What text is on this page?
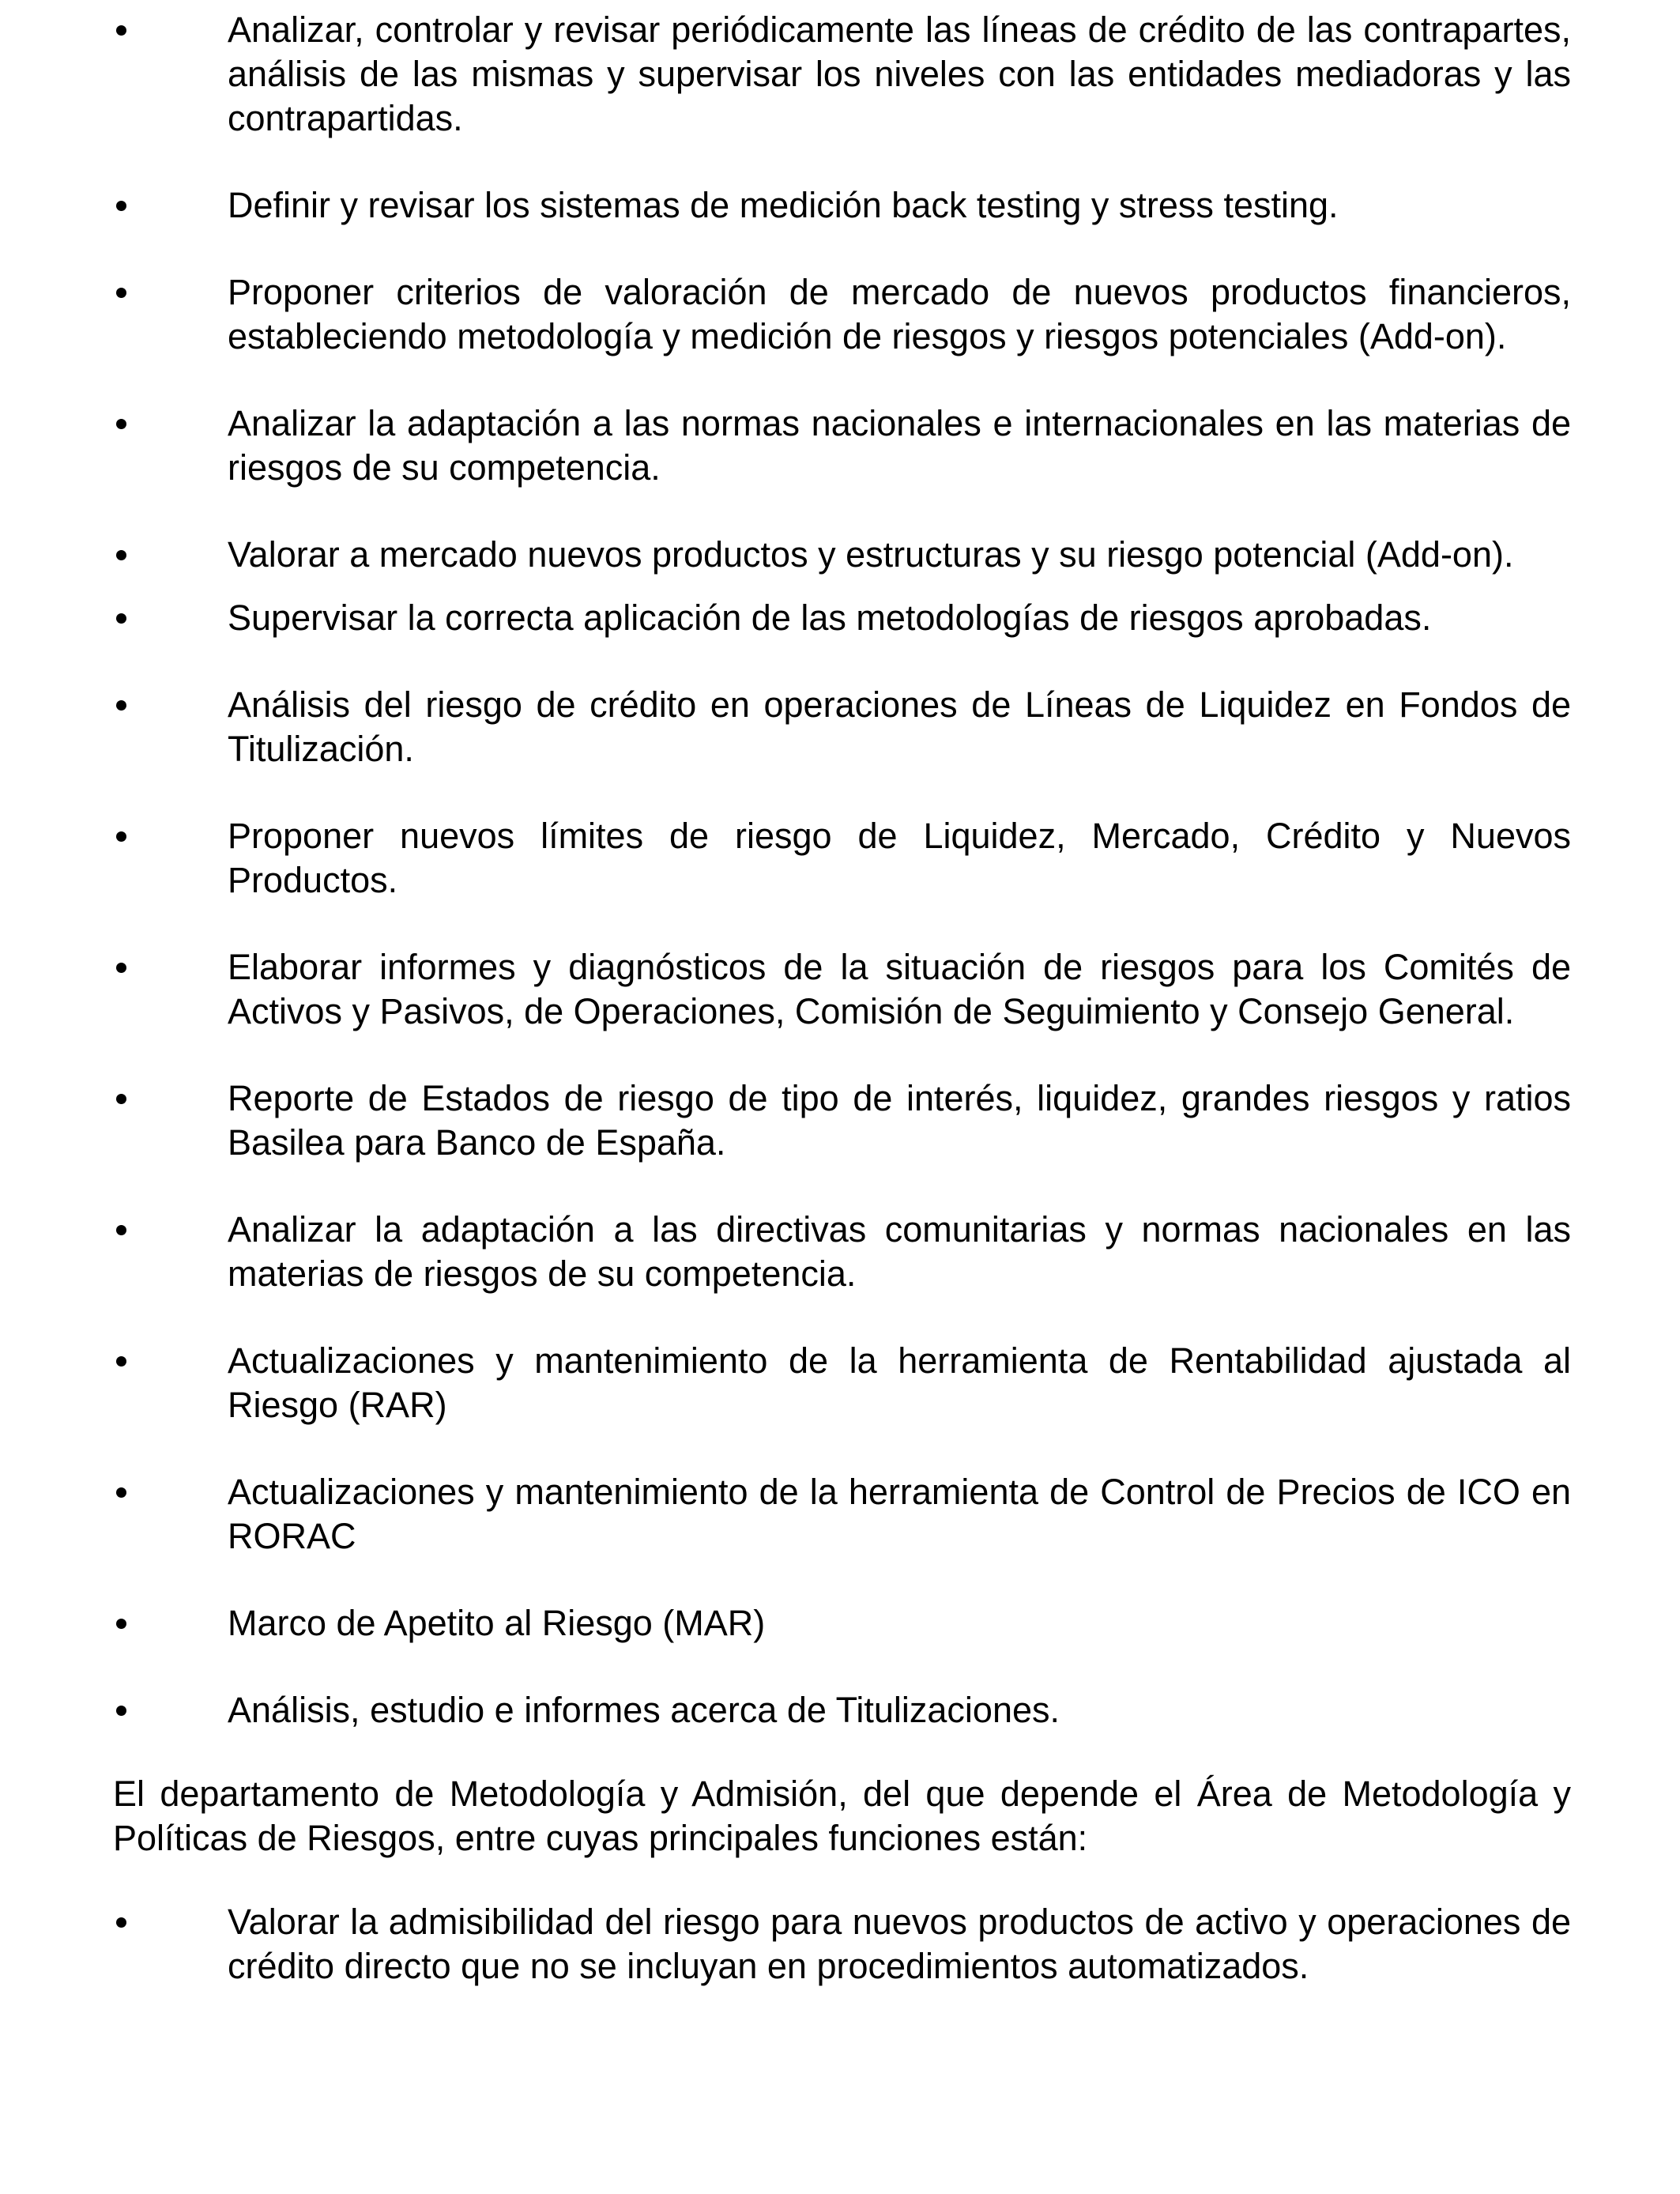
Analizar, controlar y revisar periódicamente las líneas de crédito de las contrapartes, análisis de las mismas y supervisar los niveles con las entidades mediadoras y las contrapartidas.
Definir y revisar los sistemas de medición back testing y stress testing.
Proponer criterios de valoración de mercado de nuevos productos financieros, estableciendo metodología y medición de riesgos y riesgos potenciales (Add-on).
Analizar la adaptación a las normas nacionales e internacionales en las materias de riesgos de su competencia.
Valorar a mercado nuevos productos y estructuras y su riesgo potencial (Add-on).
Supervisar la correcta aplicación de las metodologías de riesgos aprobadas.
Análisis del riesgo de crédito en operaciones de Líneas de Liquidez en Fondos de Titulización.
Proponer nuevos límites de riesgo de Liquidez, Mercado, Crédito y Nuevos Productos.
Elaborar informes y diagnósticos de la situación de riesgos para los Comités de Activos y Pasivos, de Operaciones, Comisión de Seguimiento y Consejo General.
Reporte de Estados de riesgo de tipo de interés, liquidez, grandes riesgos y ratios Basilea para Banco de España.
Analizar la adaptación a las directivas comunitarias y normas nacionales en las materias de riesgos de su competencia.
Actualizaciones y mantenimiento de la herramienta de Rentabilidad ajustada al Riesgo (RAR)
Actualizaciones y mantenimiento de la herramienta de Control de Precios de ICO en RORAC
Marco de Apetito al Riesgo (MAR)
Análisis, estudio e informes acerca de Titulizaciones.

El departamento de Metodología y Admisión, del que depende el Área de Metodología y Políticas de Riesgos, entre cuyas principales funciones están:

Valorar la admisibilidad del riesgo para nuevos productos de activo y operaciones de crédito directo que no se incluyan en procedimientos automatizados.
